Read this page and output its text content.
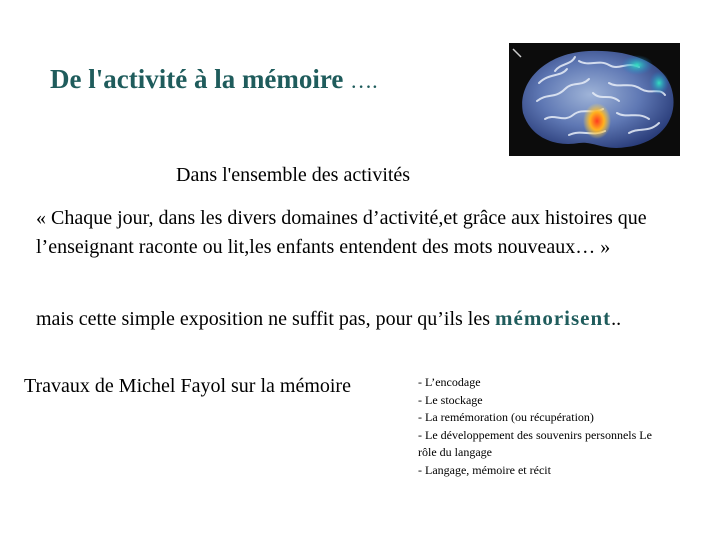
De l'activité à la mémoire ….
Dans l'ensemble des activités
« Chaque jour, dans les divers domaines d’activité,et grâce aux histoires que l’enseignant raconte ou lit,les enfants entendent des mots nouveaux… »
mais cette simple exposition ne suffit pas, pour qu’ils les mémorisent..
Travaux de Michel Fayol sur la mémoire	- L’encodage
- Le stockage
- La remémoration (ou récupération)
- Le développement des souvenirs personnels Le rôle du langage
- Langage, mémoire et récit
